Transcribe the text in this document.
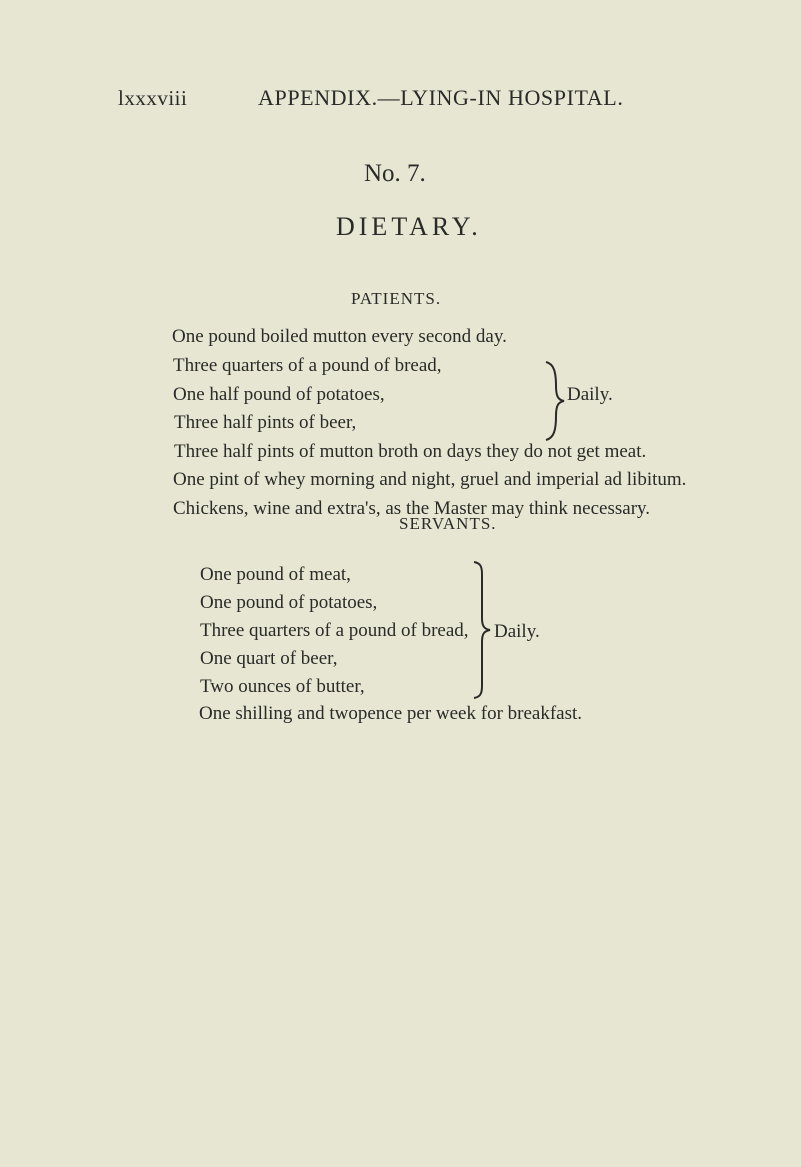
lxxxviii	APPENDIX.—LYING-IN HOSPITAL.
No. 7.
DIETARY.
PATIENTS.
One pound boiled mutton every second day.
Three quarters of a pound of bread,
One half pound of potatoes,
Three half pints of beer,
Three half pints of mutton broth on days they do not get meat.
One pint of whey morning and night, gruel and imperial ad libitum.
Chickens, wine and extra's, as the Master may think necessary.
Daily.
SERVANTS.
One pound of meat,
One pound of potatoes,
Three quarters of a pound of bread,
One quart of beer,
Two ounces of butter,
One shilling and twopence per week for breakfast.
Daily.
